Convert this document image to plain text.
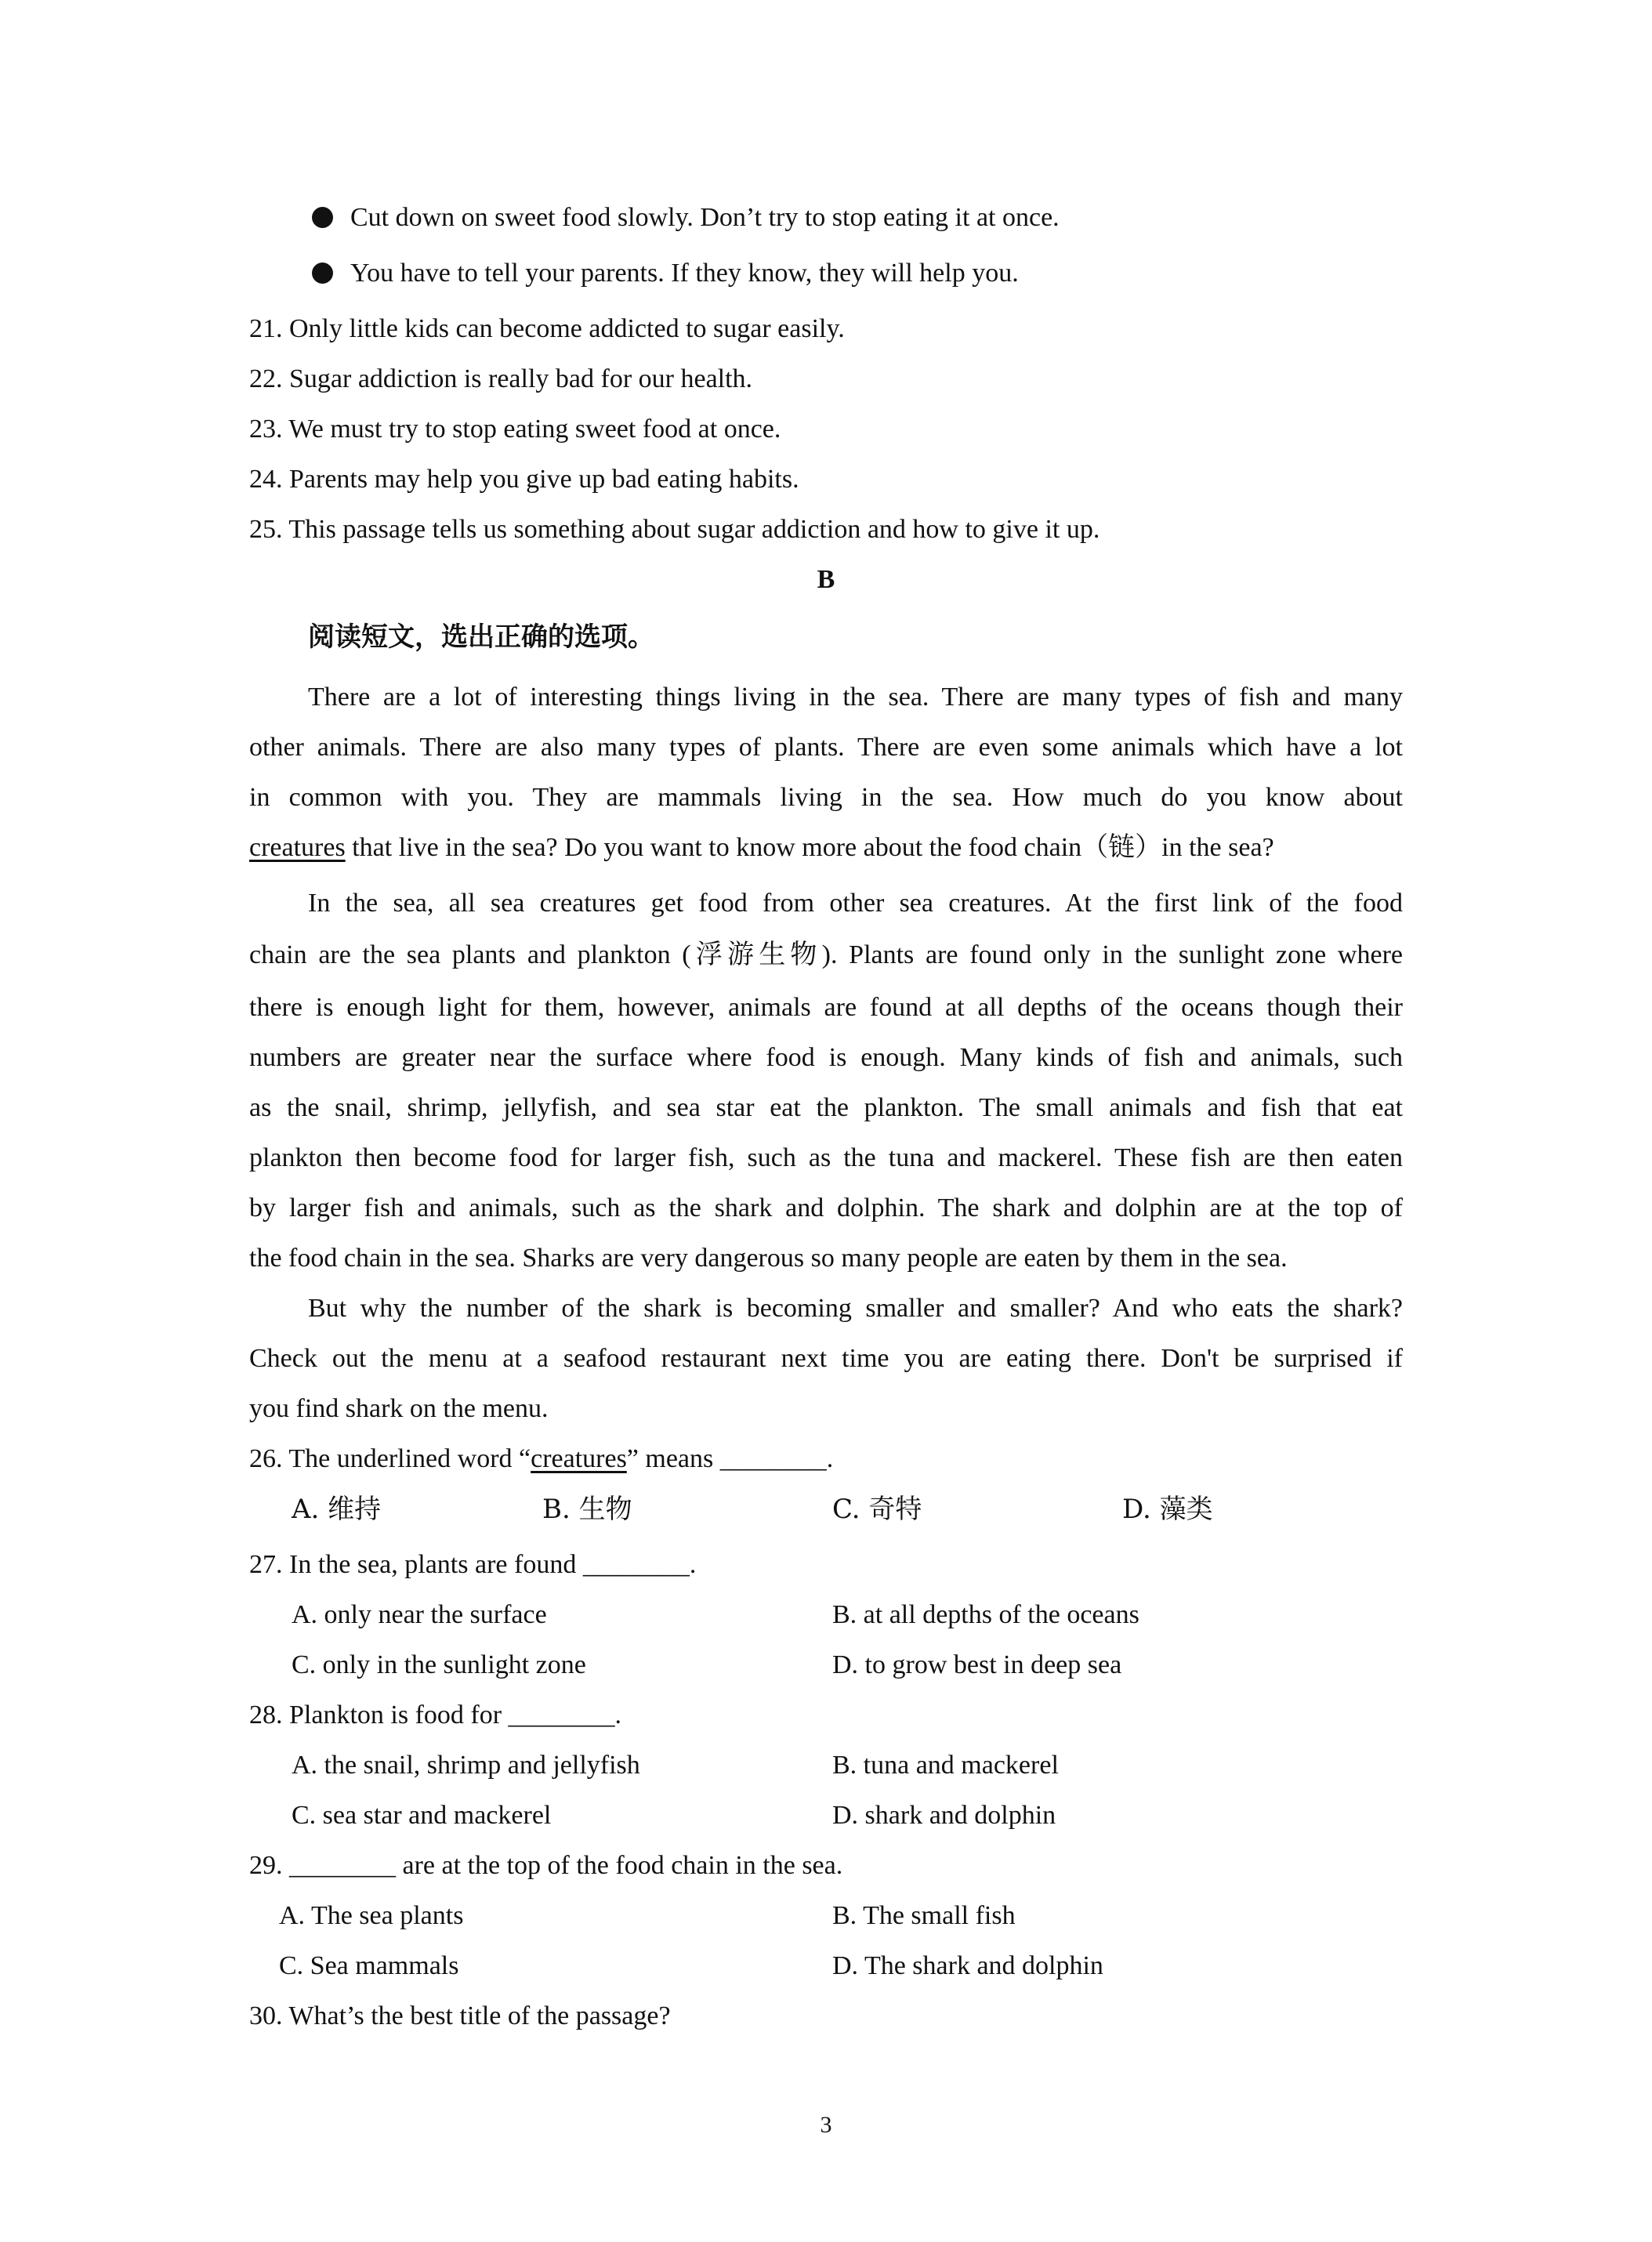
Cut down on sweet food slowly. Don’t try to stop eating it at once.
You have to tell your parents. If they know, they will help you.
21. Only little kids can become addicted to sugar easily.
22. Sugar addiction is really bad for our health.
23. We must try to stop eating sweet food at once.
24. Parents may help you give up bad eating habits.
25. This passage tells us something about sugar addiction and how to give it up.
B
阅读短文，选出正确的选项。
There are a lot of interesting things living in the sea. There are many types of fish and many
other animals. There are also many types of plants. There are even some animals which have a lot
in common with you. They are mammals living in the sea. How much do you know about
creatures that live in the sea? Do you want to know more about the food chain（链）in the sea?
In the sea, all sea creatures get food from other sea creatures. At the first link of the food
chain are the sea plants and plankton (浮游生物). Plants are found only in the sunlight zone where
there is enough light for them, however, animals are found at all depths of the oceans though their
numbers are greater near the surface where food is enough. Many kinds of fish and animals, such
as the snail, shrimp, jellyfish, and sea star eat the plankton. The small animals and fish that eat
plankton then become food for larger fish, such as the tuna and mackerel. These fish are then eaten
by larger fish and animals, such as the shark and dolphin. The shark and dolphin are at the top of
the food chain in the sea. Sharks are very dangerous so many people are eaten by them in the sea.
But why the number of the shark is becoming smaller and smaller? And who eats the shark?
Check out the menu at a seafood restaurant next time you are eating there. Don't be surprised if
you find shark on the menu.
26. The underlined word “creatures” means ________.
A. 维持	B. 生物	C. 奇特	D. 藻类
27. In the sea, plants are found ________.
A. only near the surface	B. at all depths of the oceans
C. only in the sunlight zone	D. to grow best in deep sea
28. Plankton is food for ________.
A. the snail, shrimp and jellyfish	B. tuna and mackerel
C. sea star and mackerel	D. shark and dolphin
29. ________ are at the top of the food chain in the sea.
A. The sea plants	B. The small fish
C. Sea mammals	D. The shark and dolphin
30. What’s the best title of the passage?
3
